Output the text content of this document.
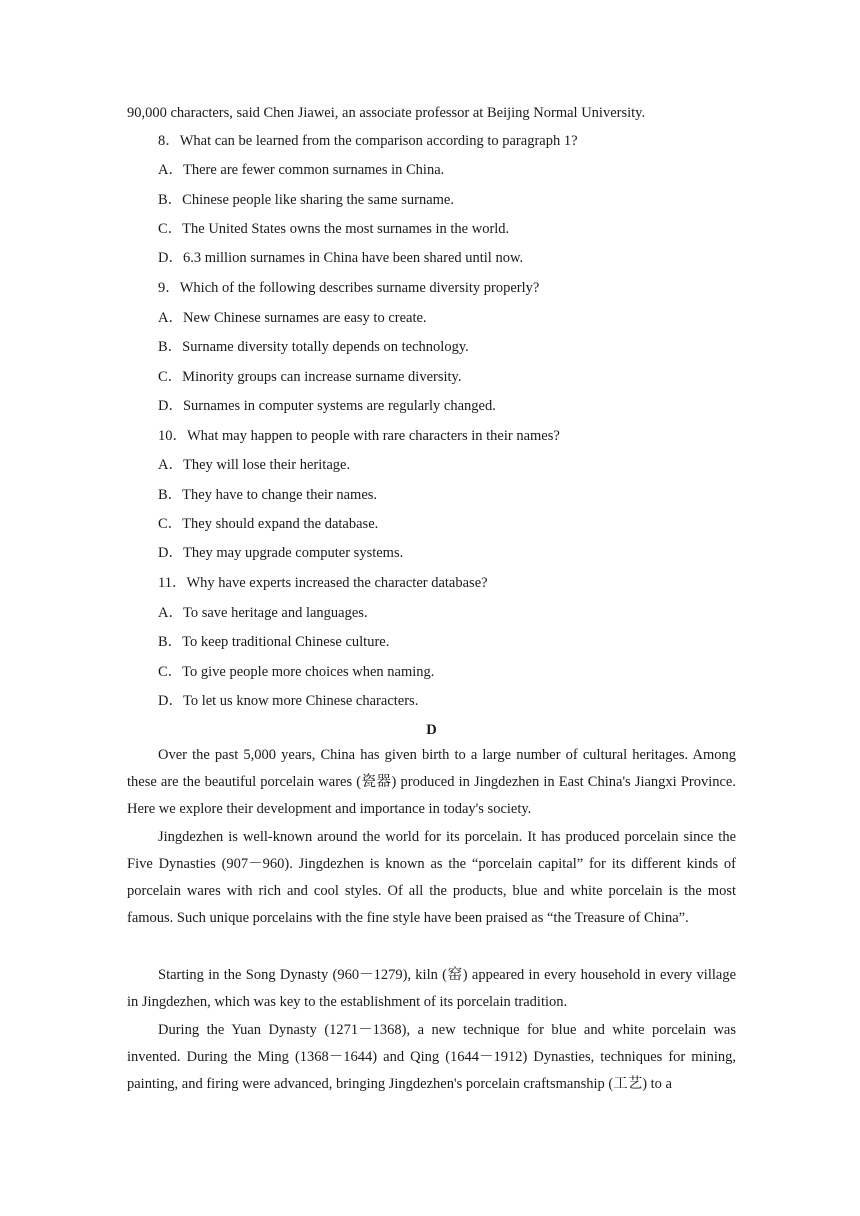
90,000 characters, said Chen Jiawei, an associate professor at Beijing Normal University.
8．What can be learned from the comparison according to paragraph 1?
A．There are fewer common surnames in China.
B．Chinese people like sharing the same surname.
C．The United States owns the most surnames in the world.
D．6.3 million surnames in China have been shared until now.
9．Which of the following describes surname diversity properly?
A．New Chinese surnames are easy to create.
B．Surname diversity totally depends on technology.
C．Minority groups can increase surname diversity.
D．Surnames in computer systems are regularly changed.
10．What may happen to people with rare characters in their names?
A．They will lose their heritage.
B．They have to change their names.
C．They should expand the database.
D．They may upgrade computer systems.
11．Why have experts increased the character database?
A．To save heritage and languages.
B．To keep traditional Chinese culture.
C．To give people more choices when naming.
D．To let us know more Chinese characters.
D
Over the past 5,000 years, China has given birth to a large number of cultural heritages. Among these are the beautiful porcelain wares (瓷器) produced in Jingdezhen in East China's Jiangxi Province. Here we explore their development and importance in today's society.
Jingdezhen is well-known around the world for its porcelain. It has produced porcelain since the Five Dynasties (907－960). Jingdezhen is known as the “porcelain capital” for its different kinds of porcelain wares with rich and cool styles. Of all the products, blue and white porcelain is the most famous. Such unique porcelains with the fine style have been praised as “the Treasure of China”.
Starting in the Song Dynasty (960－1279), kiln (窑) appeared in every household in every village in Jingdezhen, which was key to the establishment of its porcelain tradition.
During the Yuan Dynasty (1271－1368), a new technique for blue and white porcelain was invented. During the Ming (1368－1644) and Qing (1644－1912) Dynasties, techniques for mining, painting, and firing were advanced, bringing Jingdezhen's porcelain craftsmanship (工艺) to a
